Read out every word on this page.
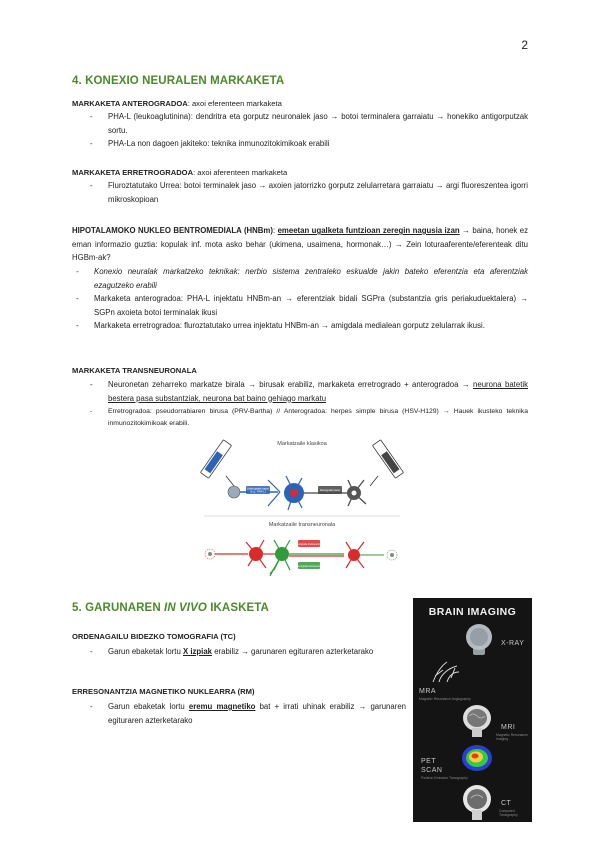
2
4. KONEXIO NEURALEN MARKAKETA
MARKAKETA ANTEROGRADOA: axoi eferenteen markaketa
- PHA-L (leukoaglutinina): dendritra eta gorputz neuronalek jaso → botoi terminalera garraiatu → honekiko antigorputzak sortu.
- PHA-La non dagoen jakiteko: teknika inmunozitokimikoak erabili
MARKAKETA ERRETROGRADOA: axoi aferenteen markaketa
- Fluroztatutako Urrea: botoi terminalek jaso → axoien jatorrizko gorputz zelularretara garraiatu → argi fluoreszentea igorri mikroskopioan
HIPOTALAMOKO NUKLEO BENTROMEDIALA (HNBm): emeetan ugalketa funtzioan zeregin nagusia izan → baina, honek ez eman informazio guztia: kopulak inf. mota asko behar (ukimena, usaimena, hormonak…) → Zein loturaaferente/eferenteak ditu HGBm-ak?
- Konexio neuralak markatzeko teknikak: nerbio sistema zentraleko eskualde jakin bateko eferentzia eta aferentziak ezagutzeko erabili
- Markaketa anterogradoa: PHA-L injektatu HNBm-an → eferentziak bidali SGPra (substantzia gris periakuduektalera) → SGPn axoieta botoi terminalak ikusi
- Markaketa erretrogradoa: fluroztatutako urrea injektatu HNBm-an → amigdala medialean gorputz zelularrak ikusi.
MARKAKETA TRANSNEURONALA
- Neuronetan zeharreko markatze birala → birusak erabiliz, markaketa erretrogrado + anterogradoa → neurona batetik bestera pasa substantziak, neurona bat baino gehiago markatu
- Erretrogradoa: pseudorrabiaren birusa (PRV-Bartha) // Anterogradoa: herpes simple birusa (HSV-H129) → Hauek ikusteko teknika inmunozitokimikoak erabili.
Markatzaile klasikoa
Anterograde tracer
(e.g., PHA-L)
Retrograde tracer
Markatzaile transneuronala
Retrograde transneuronal
Anterograde transneuronal
5. GARUNAREN IN VIVO IKASKETA
ORDENAGAILU BIDEZKO TOMOGRAFIA (TC)
- Garun ebaketak lortu X izpiak erabiliz → garunaren egituraren azterketarako
ERRESONANTZIA MAGNETIKO NUKLEARRA (RM)
- Garun ebaketak lortu eremu magnetiko bat + irrati uhinak erabiliz → garunaren egituraren azterketarako
BRAIN IMAGING
X-RAY
MRA
Magnetic Resonance Angiography
MRI
Magnetic Resonance Imaging
PET
SCAN
Positron Emission Tomography
CT
Computed Tomography
